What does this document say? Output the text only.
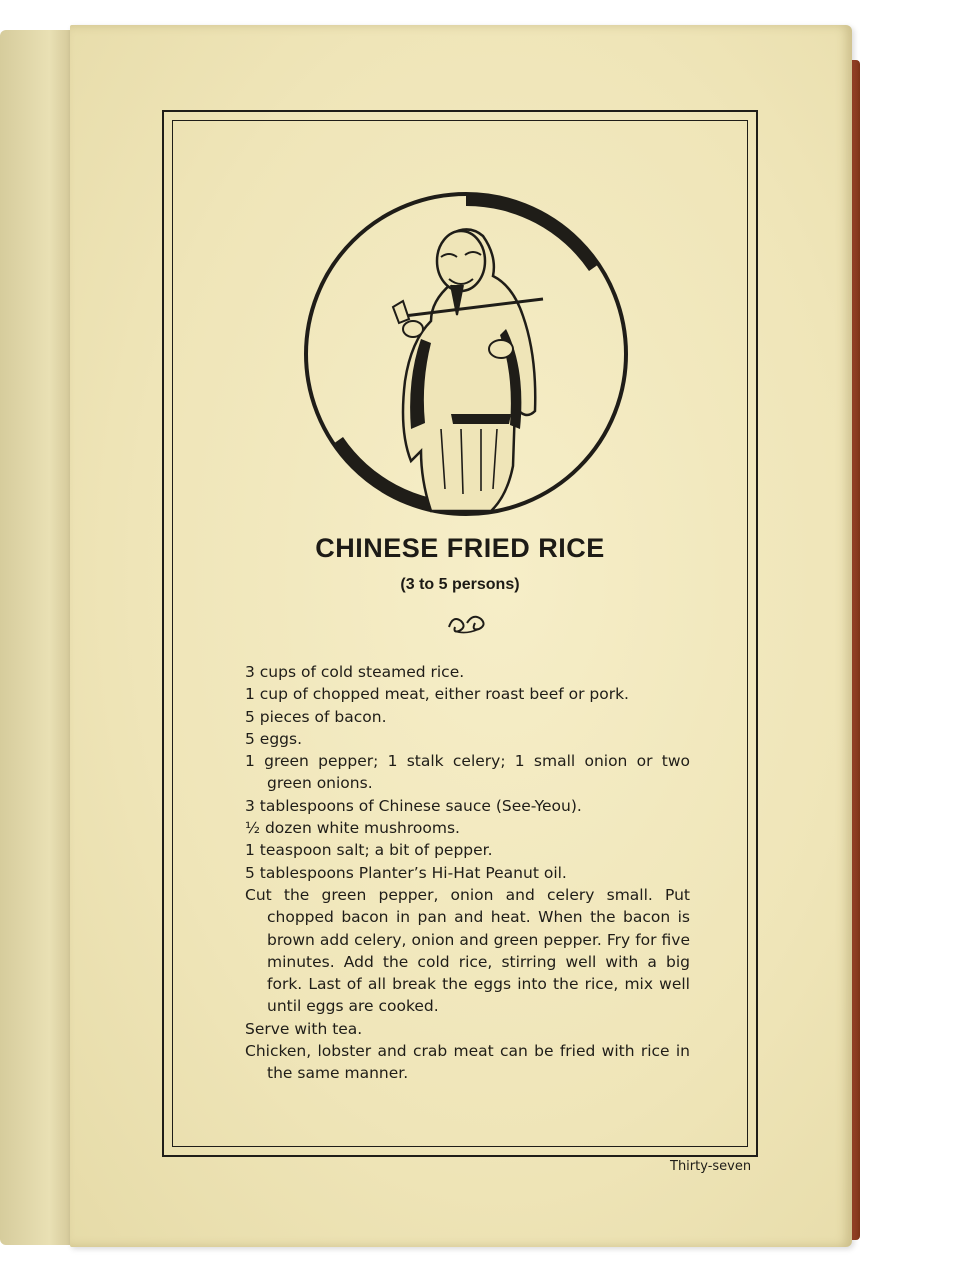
CHINESE FRIED RICE
(3 to 5 persons)

3 cups of cold steamed rice.

1 cup of chopped meat, either roast beef or pork.

5 pieces of bacon.

5 eggs.

1 green pepper; 1 stalk celery; 1 small onion or two green onions.

3 tablespoons of Chinese sauce (See-Yeou).

½ dozen white mushrooms.

1 teaspoon salt; a bit of pepper.

5 tablespoons Planter’s Hi-Hat Peanut oil.

Cut the green pepper, onion and celery small. Put chopped bacon in pan and heat. When the bacon is brown add celery, onion and green pepper. Fry for five minutes. Add the cold rice, stirring well with a big fork. Last of all break the eggs into the rice, mix well until eggs are cooked.

Serve with tea.

Chicken, lobster and crab meat can be fried with rice in the same manner.

Thirty-seven
